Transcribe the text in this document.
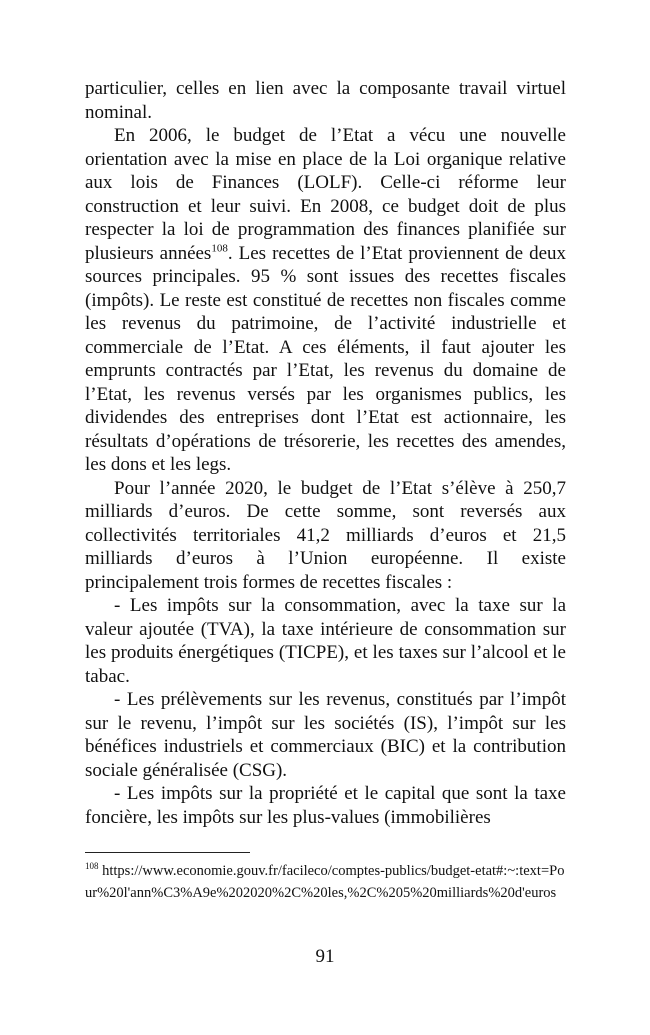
particulier, celles en lien avec la composante travail virtuel nominal.

En 2006, le budget de l’Etat a vécu une nouvelle orientation avec la mise en place de la Loi organique relative aux lois de Finances (LOLF). Celle-ci réforme leur construction et leur suivi. En 2008, ce budget doit de plus respecter la loi de programmation des finances planifiée sur plusieurs années$^{108}$. Les recettes de l’Etat proviennent de deux sources principales. 95 % sont issues des recettes fiscales (impôts). Le reste est constitué de recettes non fiscales comme les revenus du patrimoine, de l’activité industrielle et commerciale de l’Etat. A ces éléments, il faut ajouter les emprunts contractés par l’Etat, les revenus du domaine de l’Etat, les revenus versés par les organismes publics, les dividendes des entreprises dont l’Etat est actionnaire, les résultats d’opérations de trésorerie, les recettes des amendes, les dons et les legs.

Pour l’année 2020, le budget de l’Etat s’élève à 250,7 milliards d’euros. De cette somme, sont reversés aux collectivités territoriales 41,2 milliards d’euros et 21,5 milliards d’euros à l’Union européenne. Il existe principalement trois formes de recettes fiscales :

- Les impôts sur la consommation, avec la taxe sur la valeur ajoutée (TVA), la taxe intérieure de consommation sur les produits énergétiques (TICPE), et les taxes sur l’alcool et le tabac.

- Les prélèvements sur les revenus, constitués par l’impôt sur le revenu, l’impôt sur les sociétés (IS), l’impôt sur les bénéfices industriels et commerciaux (BIC) et la contribution sociale généralisée (CSG).

- Les impôts sur la propriété et le capital que sont la taxe foncière, les impôts sur les plus-values (immobilières

$^{108}$ https://www.economie.gouv.fr/facileco/comptes-publics/budget-etat#:~:text=Pour%20l'ann%C3%A9e%202020%2C%20les,%2C%205%20milliards%20d'euros
91
